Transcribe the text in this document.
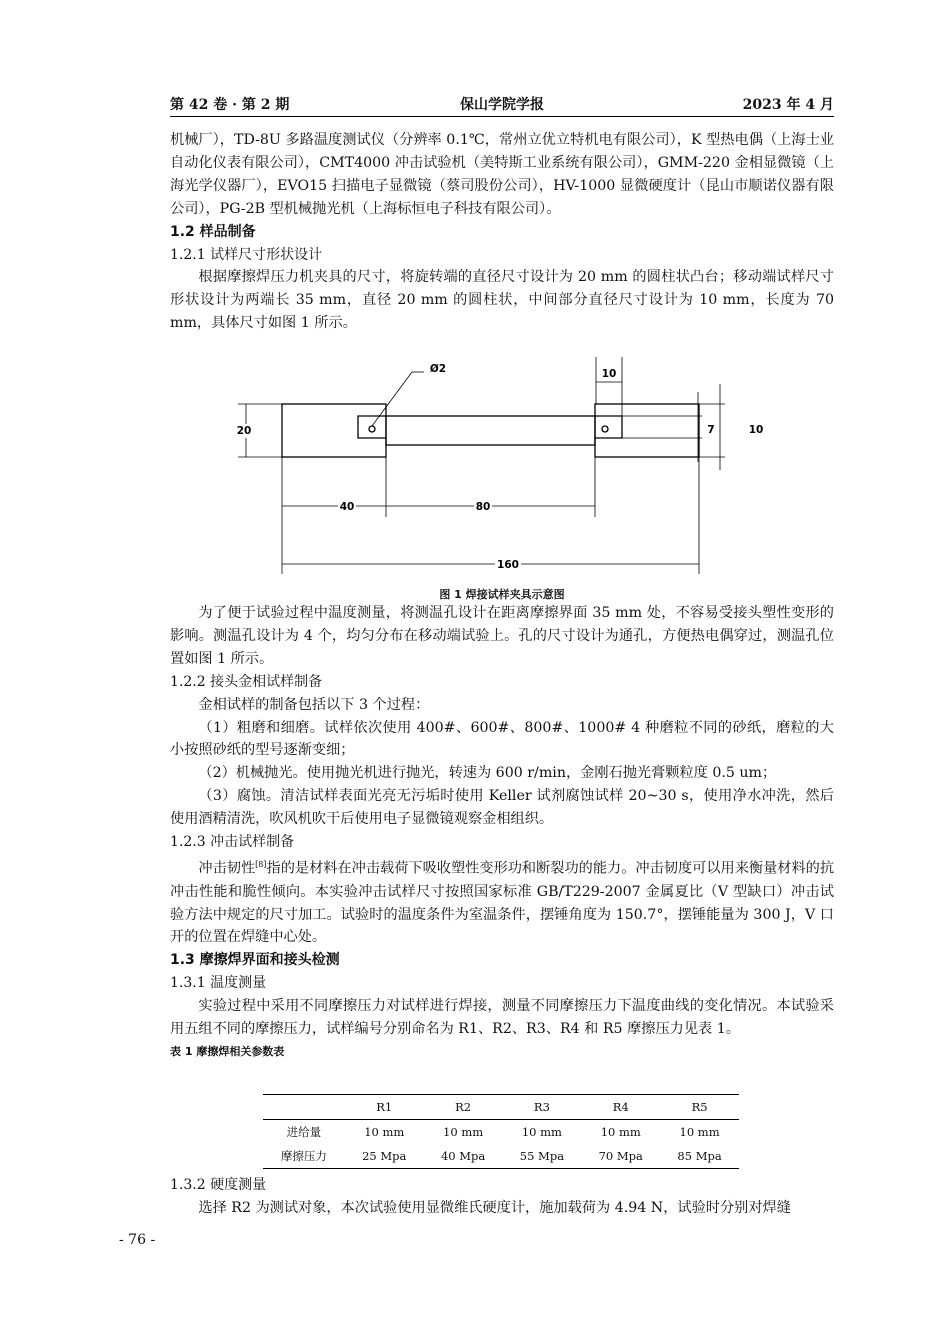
第 42 卷 · 第 2 期	保山学院学报	2023 年 4 月

机械厂），TD-8U 多路温度测试仪（分辨率 0.1℃，常州立优立特机电有限公司），K 型热电偶（上海士业自动化仪表有限公司），CMT4000 冲击试验机（美特斯工业系统有限公司），GMM-220 金相显微镜（上海光学仪器厂），EVO15 扫描电子显微镜（蔡司股份公司），HV-1000 显微硬度计（昆山市顺诺仪器有限公司），PG-2B 型机械抛光机（上海标恒电子科技有限公司）。

1.2 样品制备

1.2.1 试样尺寸形状设计

根据摩擦焊压力机夹具的尺寸，将旋转端的直径尺寸设计为 20 mm 的圆柱状凸台；移动端试样尺寸形状设计为两端长 35 mm，直径 20 mm 的圆柱状，中间部分直径尺寸设计为 10 mm，长度为 70 mm，具体尺寸如图 1 所示。

Ø2	10
20	7	10
40	80
160
图 1 焊接试样夹具示意图

为了便于试验过程中温度测量，将测温孔设计在距离摩擦界面 35 mm 处，不容易受接头塑性变形的影响。测温孔设计为 4 个，均匀分布在移动端试验上。孔的尺寸设计为通孔，方便热电偶穿过，测温孔位置如图 1 所示。

1.2.2 接头金相试样制备

金相试样的制备包括以下 3 个过程：

（1）粗磨和细磨。试样依次使用 400#、600#、800#、1000# 4 种磨粒不同的砂纸，磨粒的大小按照砂纸的型号逐渐变细；

（2）机械抛光。使用抛光机进行抛光，转速为 600 r/min，金刚石抛光膏颗粒度 0.5 um；

（3）腐蚀。清洁试样表面光亮无污垢时使用 Keller 试剂腐蚀试样 20~30 s，使用净水冲洗，然后使用酒精清洗，吹风机吹干后使用电子显微镜观察金相组织。

1.2.3 冲击试样制备

冲击韧性[8]指的是材料在冲击载荷下吸收塑性变形功和断裂功的能力。冲击韧度可以用来衡量材料的抗冲击性能和脆性倾向。本实验冲击试样尺寸按照国家标准 GB/T229-2007 金属夏比（V 型缺口）冲击试验方法中规定的尺寸加工。试验时的温度条件为室温条件，摆锤角度为 150.7°，摆锤能量为 300 J，V 口开的位置在焊缝中心处。

1.3 摩擦焊界面和接头检测

1.3.1 温度测量

实验过程中采用不同摩擦压力对试样进行焊接，测量不同摩擦压力下温度曲线的变化情况。本试验采用五组不同的摩擦压力，试样编号分别命名为 R1、R2、R3、R4 和 R5 摩擦压力见表 1。

表 1 摩擦焊相关参数表

	R1	R2	R3	R4	R5
进给量	10 mm	10 mm	10 mm	10 mm	10 mm
摩擦压力	25 Mpa	40 Mpa	55 Mpa	70 Mpa	85 Mpa

1.3.2 硬度测量

选择 R2 为测试对象，本次试验使用显微维氏硬度计，施加载荷为 4.94 N，试验时分别对焊缝

- 76 -
